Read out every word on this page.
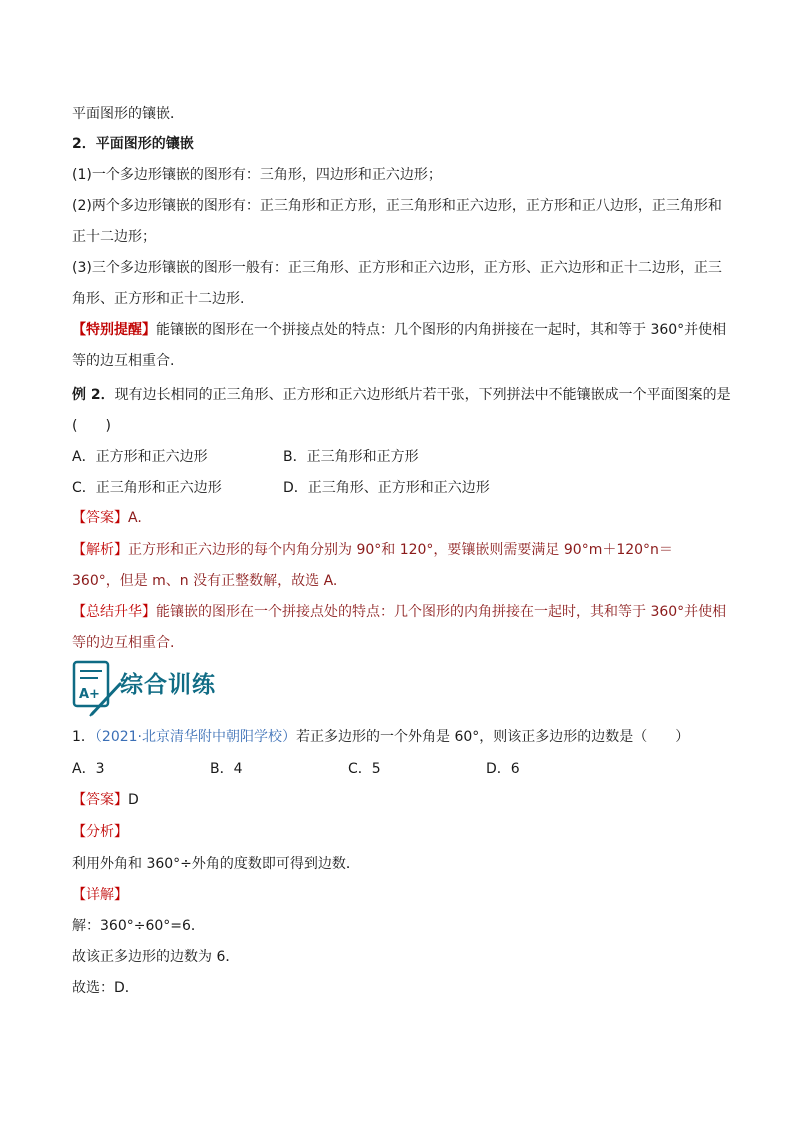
平面图形的镶嵌．
2．平面图形的镶嵌
(1)一个多边形镶嵌的图形有：三角形，四边形和正六边形；
(2)两个多边形镶嵌的图形有：正三角形和正方形，正三角形和正六边形，正方形和正八边形，正三角形和
正十二边形；
(3)三个多边形镶嵌的图形一般有：正三角形、正方形和正六边形，正方形、正六边形和正十二边形，正三
角形、正方形和正十二边形.
【特别提醒】能镶嵌的图形在一个拼接点处的特点：几个图形的内角拼接在一起时，其和等于 360°并使相
等的边互相重合.
例 2．现有边长相同的正三角形、正方形和正六边形纸片若干张，下列拼法中不能镶嵌成一个平面图案的是
(　　)
A．正方形和正六边形	B．正三角形和正方形
C．正三角形和正六边形	D．正三角形、正方形和正六边形
【答案】A.
【解析】正方形和正六边形的每个内角分别为 90°和 120°，要镶嵌则需要满足 90°m＋120°n＝
360°，但是 m、n 没有正整数解，故选 A.
【总结升华】能镶嵌的图形在一个拼接点处的特点：几个图形的内角拼接在一起时，其和等于 360°并使相
等的边互相重合.
A+ 综合训练
1．（2021·北京清华附中朝阳学校）若正多边形的一个外角是 60°，则该正多边形的边数是（　　）
A．3	B．4	C．5	D．6
【答案】D
【分析】
利用外角和 360°÷外角的度数即可得到边数．
【详解】
解：360°÷60°=6．
故该正多边形的边数为 6．
故选：D．
